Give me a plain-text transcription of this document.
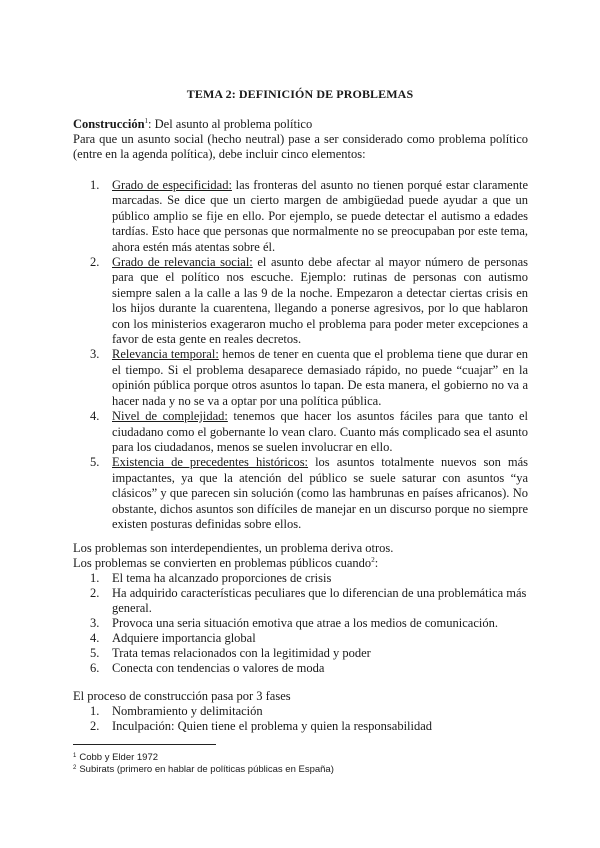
TEMA 2: DEFINICIÓN DE PROBLEMAS
Construcción$^1$: Del asunto al problema político
Para que un asunto social (hecho neutral) pase a ser considerado como problema político (entre en la agenda política), debe incluir cinco elementos:
1. Grado de especificidad: las fronteras del asunto no tienen porqué estar claramente marcadas. Se dice que un cierto margen de ambigüedad puede ayudar a que un público amplio se fije en ello. Por ejemplo, se puede detectar el autismo a edades tardías. Esto hace que personas que normalmente no se preocupaban por este tema, ahora estén más atentas sobre él.
2. Grado de relevancia social: el asunto debe afectar al mayor número de personas para que el político nos escuche. Ejemplo: rutinas de personas con autismo siempre salen a la calle a las 9 de la noche. Empezaron a detectar ciertas crisis en los hijos durante la cuarentena, llegando a ponerse agresivos, por lo que hablaron con los ministerios exageraron mucho el problema para poder meter excepciones a favor de esta gente en reales decretos.
3. Relevancia temporal: hemos de tener en cuenta que el problema tiene que durar en el tiempo. Si el problema desaparece demasiado rápido, no puede “cuajar” en la opinión pública porque otros asuntos lo tapan. De esta manera, el gobierno no va a hacer nada y no se va a optar por una política pública.
4. Nivel de complejidad: tenemos que hacer los asuntos fáciles para que tanto el ciudadano como el gobernante lo vean claro. Cuanto más complicado sea el asunto para los ciudadanos, menos se suelen involucrar en ello.
5. Existencia de precedentes históricos: los asuntos totalmente nuevos son más impactantes, ya que la atención del público se suele saturar con asuntos “ya clásicos” y que parecen sin solución (como las hambrunas en países africanos). No obstante, dichos asuntos son difíciles de manejar en un discurso porque no siempre existen posturas definidas sobre ellos.
Los problemas son interdependientes, un problema deriva otros.
Los problemas se convierten en problemas públicos cuando$^2$:
1. El tema ha alcanzado proporciones de crisis
2. Ha adquirido características peculiares que lo diferencian de una problemática más general.
3. Provoca una seria situación emotiva que atrae a los medios de comunicación.
4. Adquiere importancia global
5. Trata temas relacionados con la legitimidad y poder
6. Conecta con tendencias o valores de moda
El proceso de construcción pasa por 3 fases
1. Nombramiento y delimitación
2. Inculpación: Quien tiene el problema y quien la responsabilidad
$^1$ Cobb y Elder 1972
$^2$ Subirats (primero en hablar de políticas públicas en España)
